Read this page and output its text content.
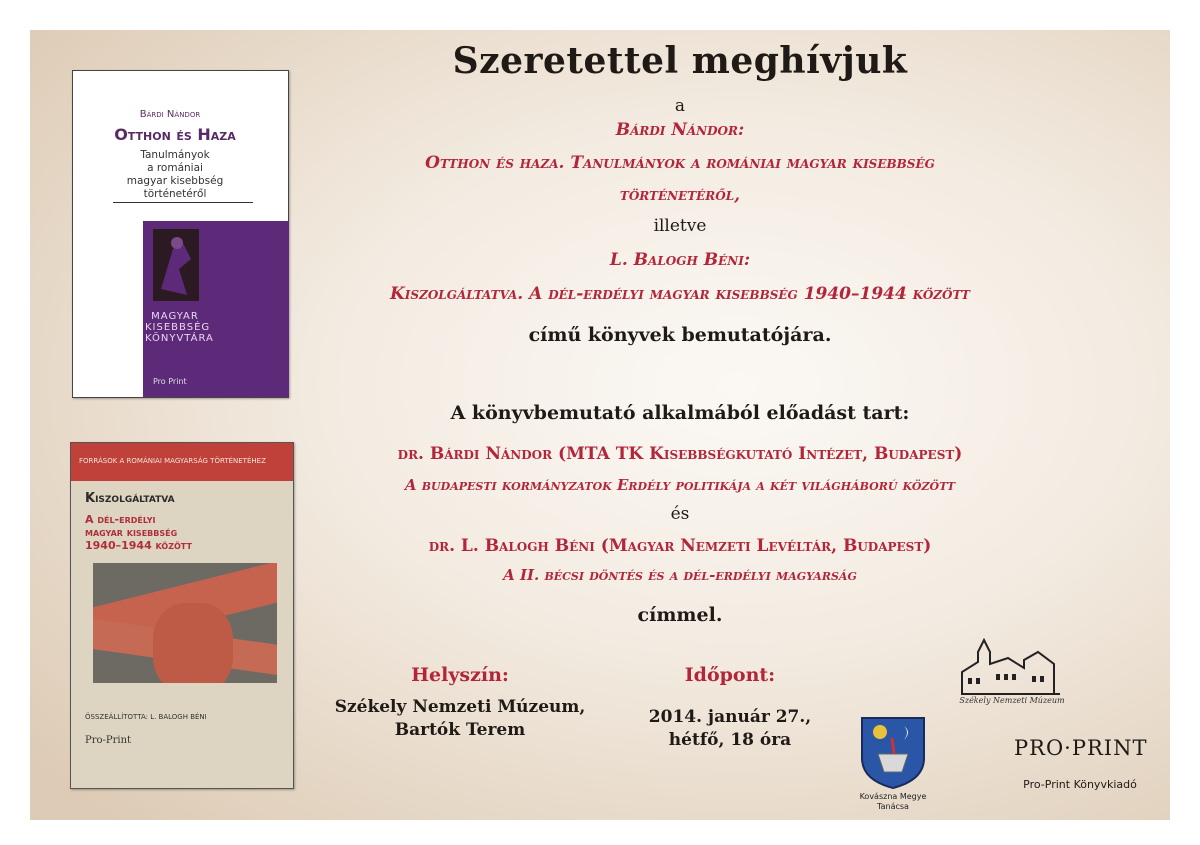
Szeretettel meghívjuk
a
Bárdi Nándor:
Otthon és haza. Tanulmányok a romániai magyar kisebbség
történetéről,
illetve
L. Balogh Béni:
Kiszolgáltatva. A dél-erdélyi magyar kisebbség 1940–1944 között
című könyvek bemutatójára.
A könyvbemutató alkalmából előadást tart:
dr. Bárdi Nándor (MTA TK Kisebbségkutató Intézet, Budapest)
A budapesti kormányzatok Erdély politikája a két világháború között
és
dr. L. Balogh Béni (Magyar Nemzeti Levéltár, Budapest)
A II. bécsi döntés és a dél-erdélyi magyarság
címmel.
Bárdi Nándor
Otthon és Haza
Tanulmányok
a romániai
magyar kisebbség
történetéről
MAGYAR
KISEBBSÉG
KÖNYVTÁRA
Pro Print
FORRÁSOK A ROMÁNIAI MAGYARSÁG TÖRTÉNETÉHEZ
Kiszolgáltatva
A dél-erdélyi
magyar kisebbség
1940–1944 között
ÖSSZEÁLLÍTOTTA: L. BALOGH BÉNI
Pro-Print
Helyszín:
Székely Nemzeti Múzeum,
Bartók Terem
Időpont:
2014. január 27.,
hétfő, 18 óra
Székely Nemzeti Múzeum
Kovászna Megye
Tanácsa
PRO·PRINT
Pro-Print Könyvkiadó
